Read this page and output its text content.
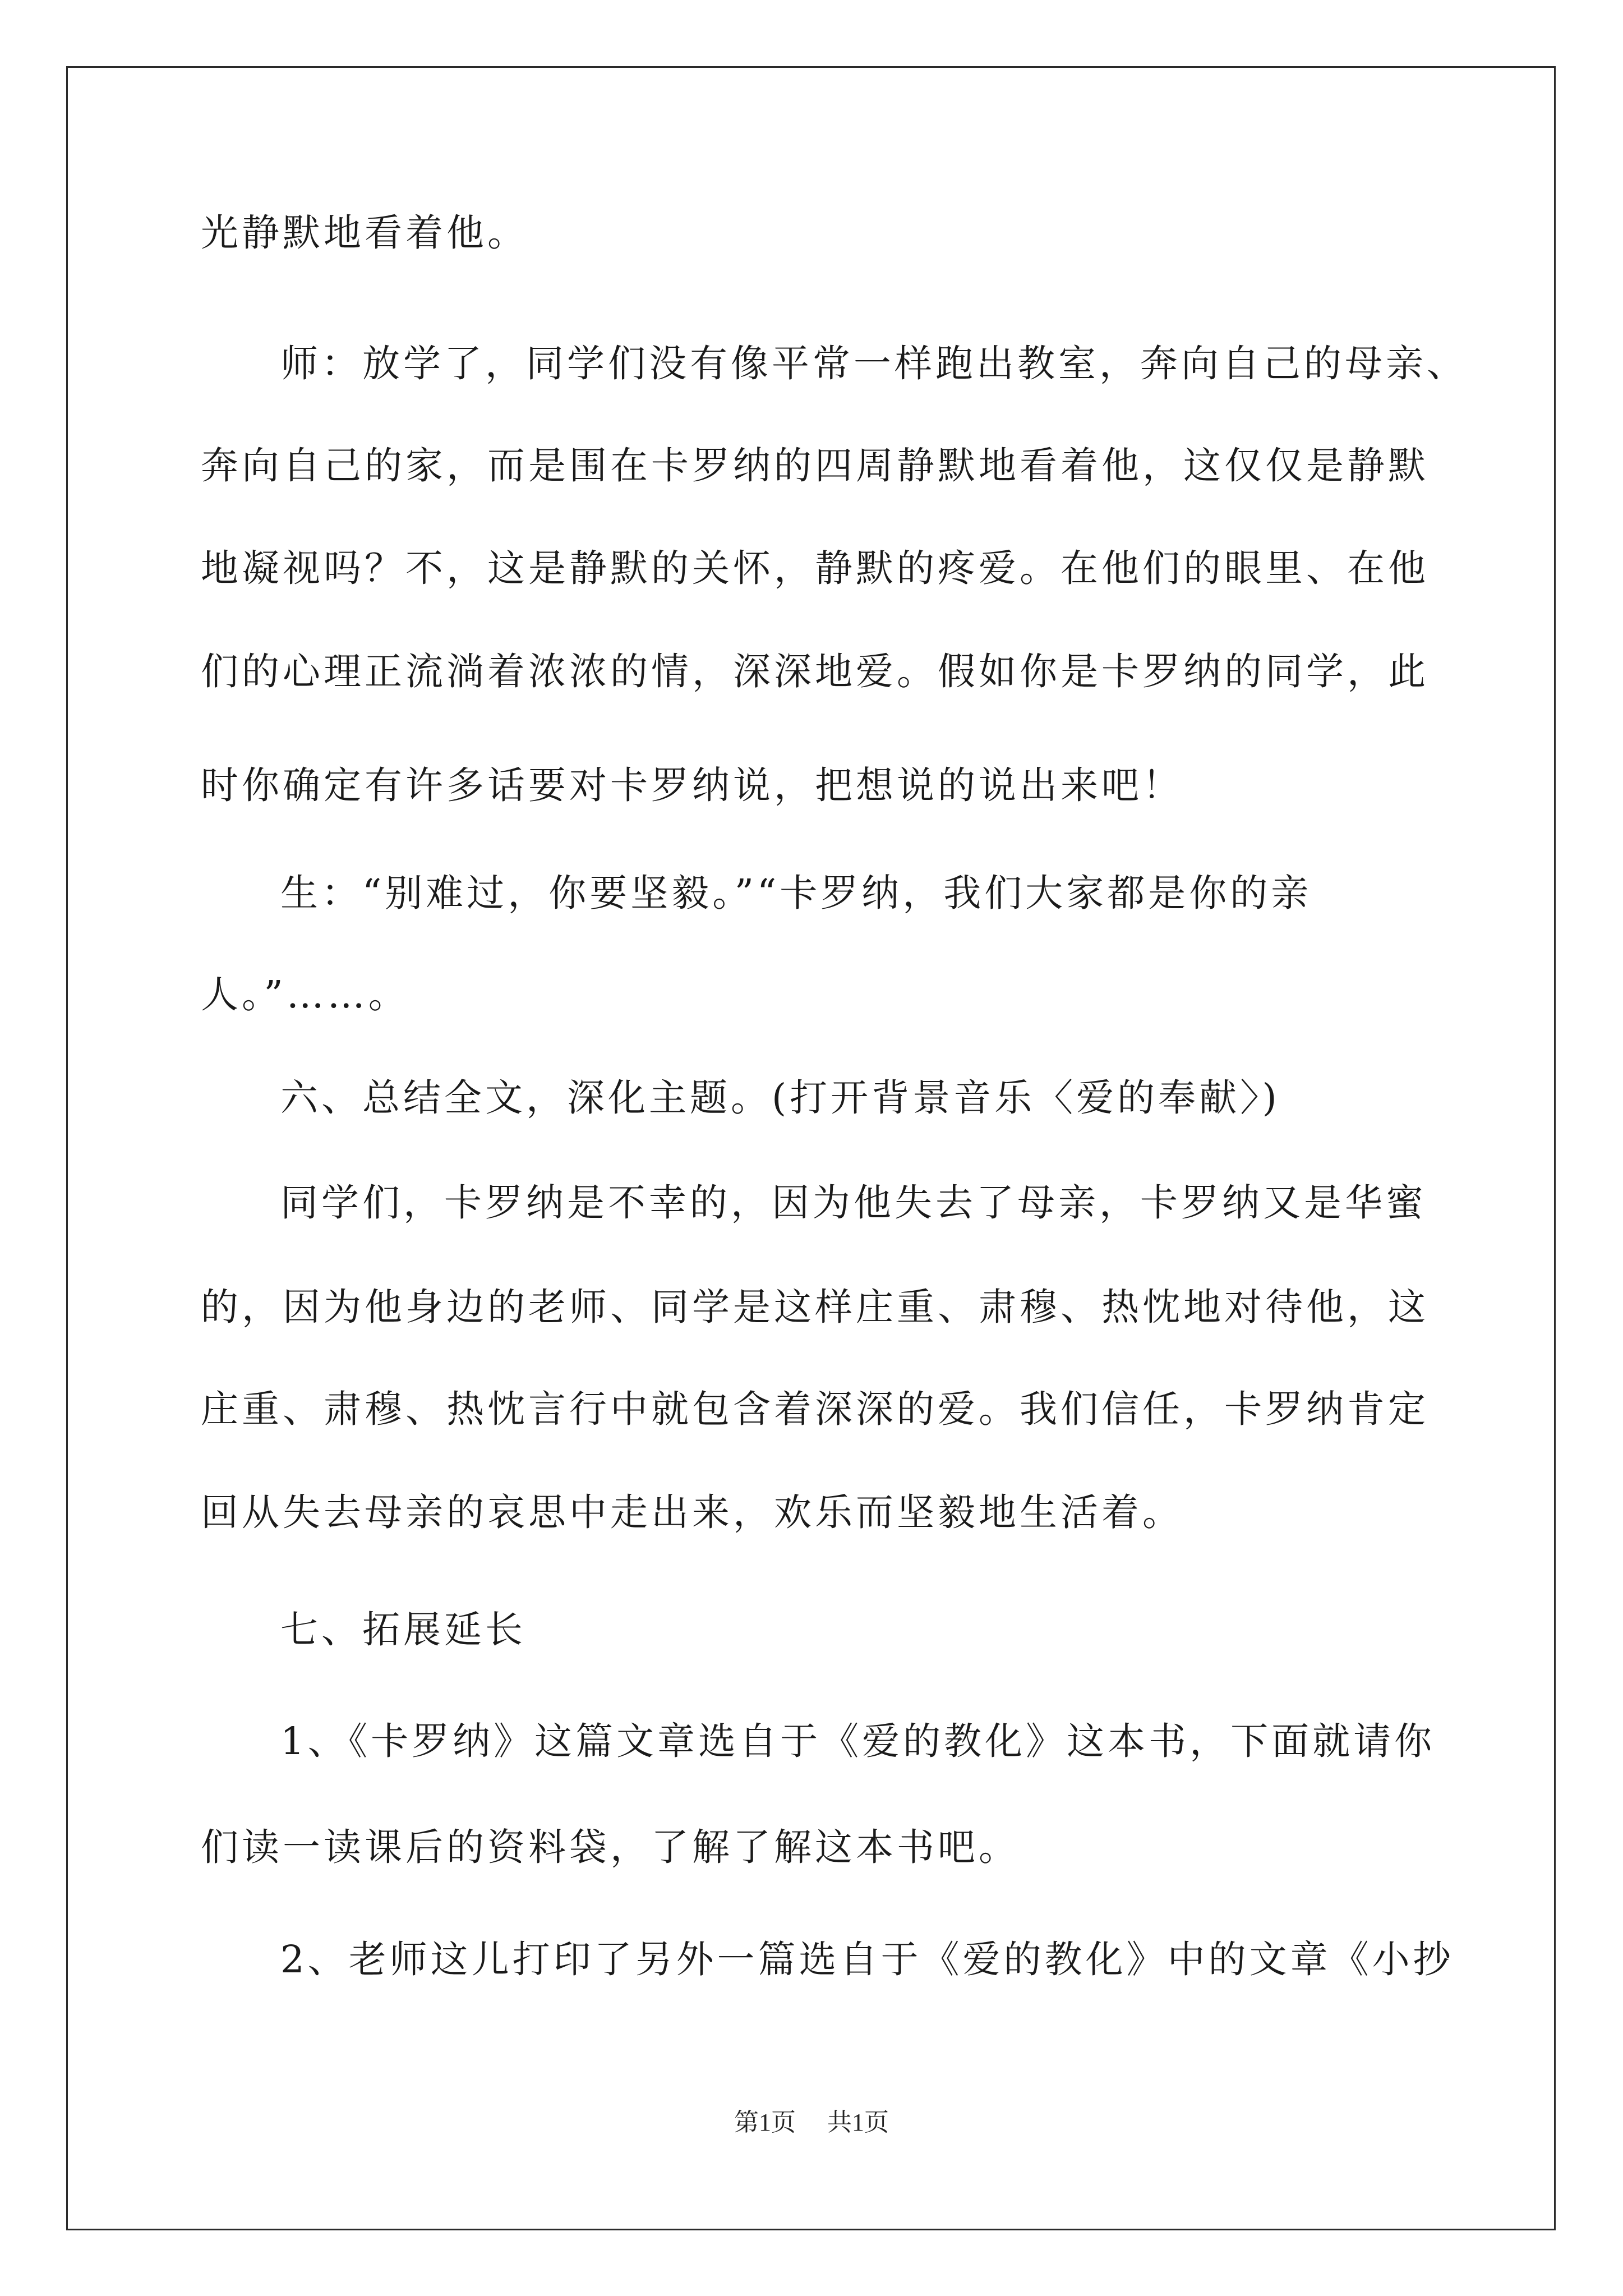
光静默地看着他。
师：放学了，同学们没有像平常一样跑出教室，奔向自己的母亲、
奔向自己的家，而是围在卡罗纳的四周静默地看着他，这仅仅是静默
地凝视吗？不，这是静默的关怀，静默的疼爱。在他们的眼里、在他
们的心理正流淌着浓浓的情，深深地爱。假如你是卡罗纳的同学，此
时你确定有许多话要对卡罗纳说，把想说的说出来吧！
生：“别难过，你要坚毅。”“卡罗纳，我们大家都是你的亲
人。”……。
六、总结全文，深化主题。(打开背景音乐〈爱的奉献〉)
同学们，卡罗纳是不幸的，因为他失去了母亲，卡罗纳又是华蜜
的，因为他身边的老师、同学是这样庄重、肃穆、热忱地对待他，这
庄重、肃穆、热忱言行中就包含着深深的爱。我们信任，卡罗纳肯定
回从失去母亲的哀思中走出来，欢乐而坚毅地生活着。
七、拓展延长
1、《卡罗纳》这篇文章选自于《爱的教化》这本书，下面就请你
们读一读课后的资料袋，了解了解这本书吧。
2、老师这儿打印了另外一篇选自于《爱的教化》中的文章《小抄
第1页 共1页
